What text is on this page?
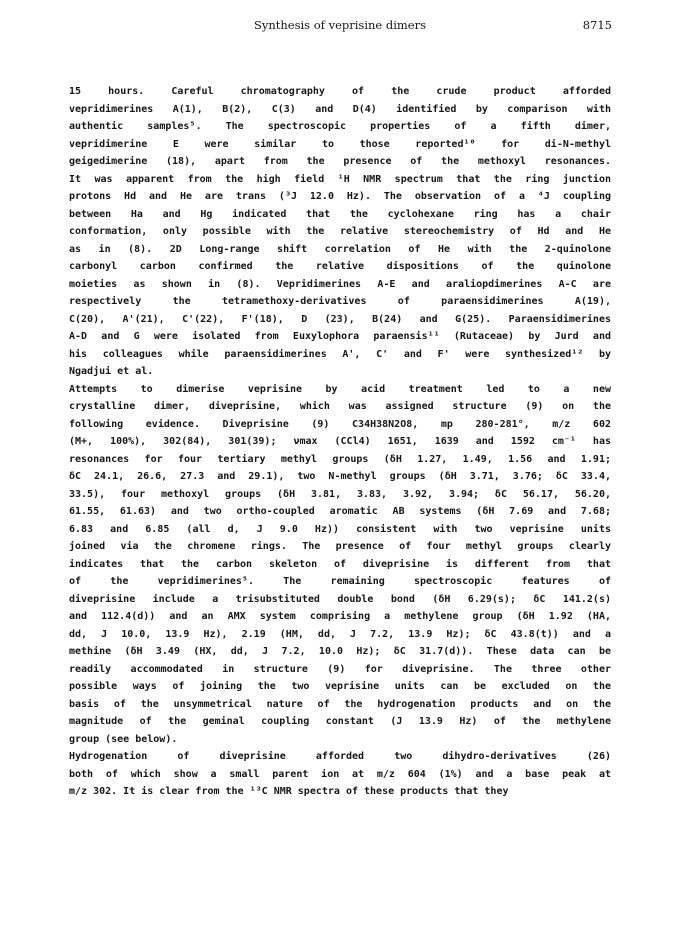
Synthesis of veprisine dimers	8715
15 hours. Careful chromatography of the crude product afforded
vepridimerines A(1), B(2), C(3) and D(4) identified by comparison with
authentic samples⁵. The spectroscopic properties of a fifth dimer,
vepridimerine E were similar to those reported¹⁰ for di-N-methyl
geigedimerine (18), apart from the presence of the methoxyl resonances.
It was apparent from the high field ¹H NMR spectrum that the ring junction
protons Hd and He are trans (³J 12.0 Hz). The observation of a ⁴J coupling
between Ha and Hg indicated that the cyclohexane ring has a chair
conformation, only possible with the relative stereochemistry of Hd and He
as in (8). 2D Long-range shift correlation of He with the 2-quinolone
carbonyl carbon confirmed the relative dispositions of the quinolone
moieties as shown in (8). Vepridimerines A-E and araliopdimerines A-C are
respectively the tetramethoxy-derivatives of paraensidimerines A(19),
C(20), A'(21), C'(22), F'(18), D (23), B(24) and G(25). Paraensidimerines
A-D and G were isolated from Euxylophora paraensis¹¹ (Rutaceae) by Jurd and
his colleagues while paraensidimerines A', C' and F' were synthesized¹² by
Ngadjui et al.
Attempts to dimerise veprisine by acid treatment led to a new
crystalline dimer, diveprisine, which was assigned structure (9) on the
following evidence. Diveprisine (9) C34H38N2O8, mp 280-281°, m/z 602
(M+, 100%), 302(84), 301(39); νmax (CCl4) 1651, 1639 and 1592 cm⁻¹ has
resonances for four tertiary methyl groups (δH 1.27, 1.49, 1.56 and 1.91;
δC 24.1, 26.6, 27.3 and 29.1), two N-methyl groups (δH 3.71, 3.76; δC 33.4,
33.5), four methoxyl groups (δH 3.81, 3.83, 3.92, 3.94; δC 56.17, 56.20,
61.55, 61.63) and two ortho-coupled aromatic AB systems (δH 7.69 and 7.68;
6.83 and 6.85 (all d, J 9.0 Hz)) consistent with two veprisine units
joined via the chromene rings. The presence of four methyl groups clearly
indicates that the carbon skeleton of diveprisine is different from that
of the vepridimerines⁵. The remaining spectroscopic features of
diveprisine include a trisubstituted double bond (δH 6.29(s); δC 141.2(s)
and 112.4(d)) and an AMX system comprising a methylene group (δH 1.92 (HA,
dd, J 10.0, 13.9 Hz), 2.19 (HM, dd, J 7.2, 13.9 Hz); δC 43.8(t)) and a
methine (δH 3.49 (HX, dd, J 7.2, 10.0 Hz); δC 31.7(d)). These data can be
readily accommodated in structure (9) for diveprisine. The three other
possible ways of joining the two veprisine units can be excluded on the
basis of the unsymmetrical nature of the hydrogenation products and on the
magnitude of the geminal coupling constant (J 13.9 Hz) of the methylene
group (see below).
Hydrogenation of diveprisine afforded two dihydro-derivatives (26)
both of which show a small parent ion at m/z 604 (1%) and a base peak at
m/z 302. It is clear from the ¹³C NMR spectra of these products that they
